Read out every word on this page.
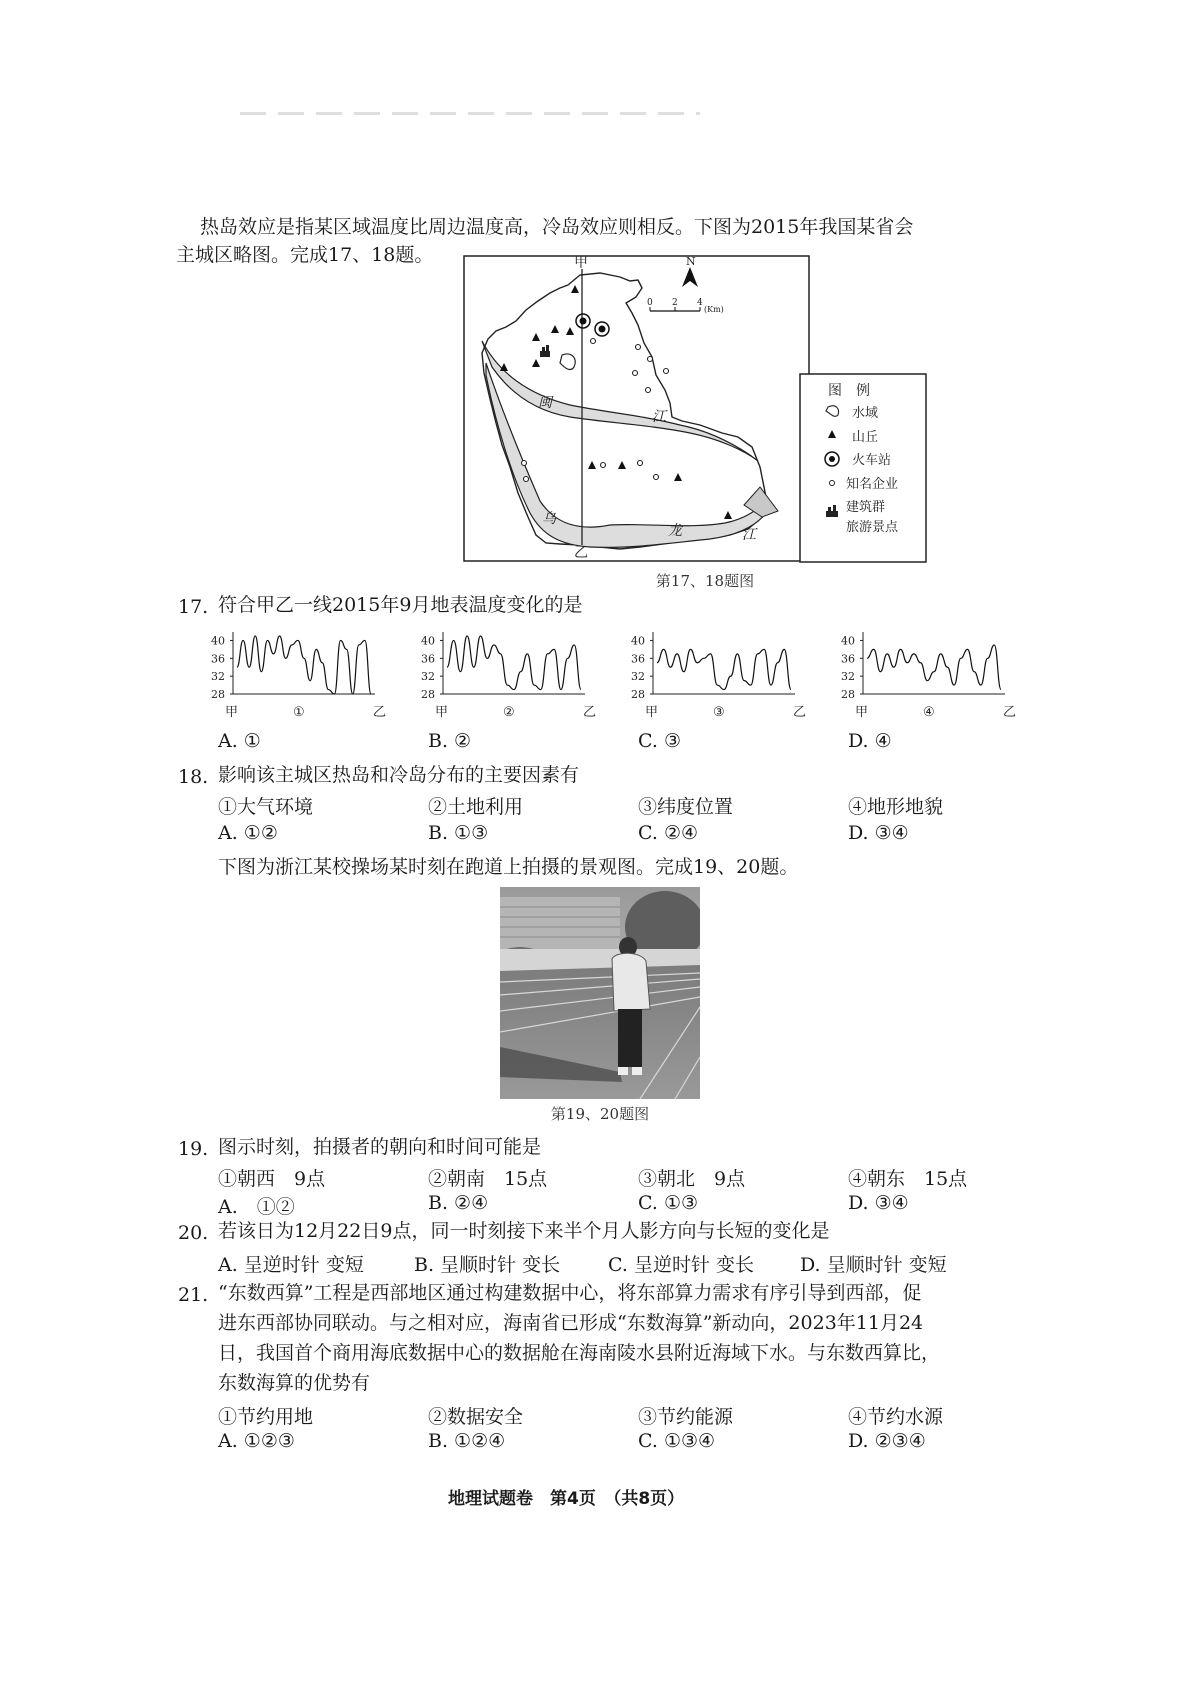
热岛效应是指某区域温度比周边温度高，冷岛效应则相反。下图为2015年我国某省会
主城区略图。完成17、18题。	甲
乙
闽
江
乌
龙	江
N
0 2 4
(Km)
图　例
水域
山丘
火车站
知名企业
建筑群
旅游景点
第17、18题图
17. 符合甲乙一线2015年9月地表温度变化的是
40
36
32
28
甲	①	乙
40
36
32
28
甲	②	乙
40
36
32
28
甲	③	乙
40
36
32
28
甲	④	乙
A. ①	B. ②	C. ③	D. ④
18. 影响该主城区热岛和冷岛分布的主要因素有
①大气环境	②土地利用	③纬度位置	④地形地貌
A. ①②	B. ①③	C. ②④	D. ③④
下图为浙江某校操场某时刻在跑道上拍摄的景观图。完成19、20题。
第19、20题图
19. 图示时刻，拍摄者的朝向和时间可能是
①朝西　9点	②朝南　15点	③朝北　9点	④朝东　15点
A.　①②	B. ②④	C. ①③	D. ③④
20. 若该日为12月22日9点，同一时刻接下来半个月人影方向与长短的变化是
A. 呈逆时针 变短	B. 呈顺时针 变长	C. 呈逆时针 变长 D. 呈顺时针 变短
21. “东数西算”工程是西部地区通过构建数据中心，将东部算力需求有序引导到西部，促
进东西部协同联动。与之相对应，海南省已形成“东数海算”新动向，2023年11月24
日，我国首个商用海底数据中心的数据舱在海南陵水县附近海域下水。与东数西算比，
东数海算的优势有
①节约用地	②数据安全	③节约能源	④节约水源
A. ①②③	B. ①②④	C. ①③④	D. ②③④
地理试题卷　第4页　（共8页）
